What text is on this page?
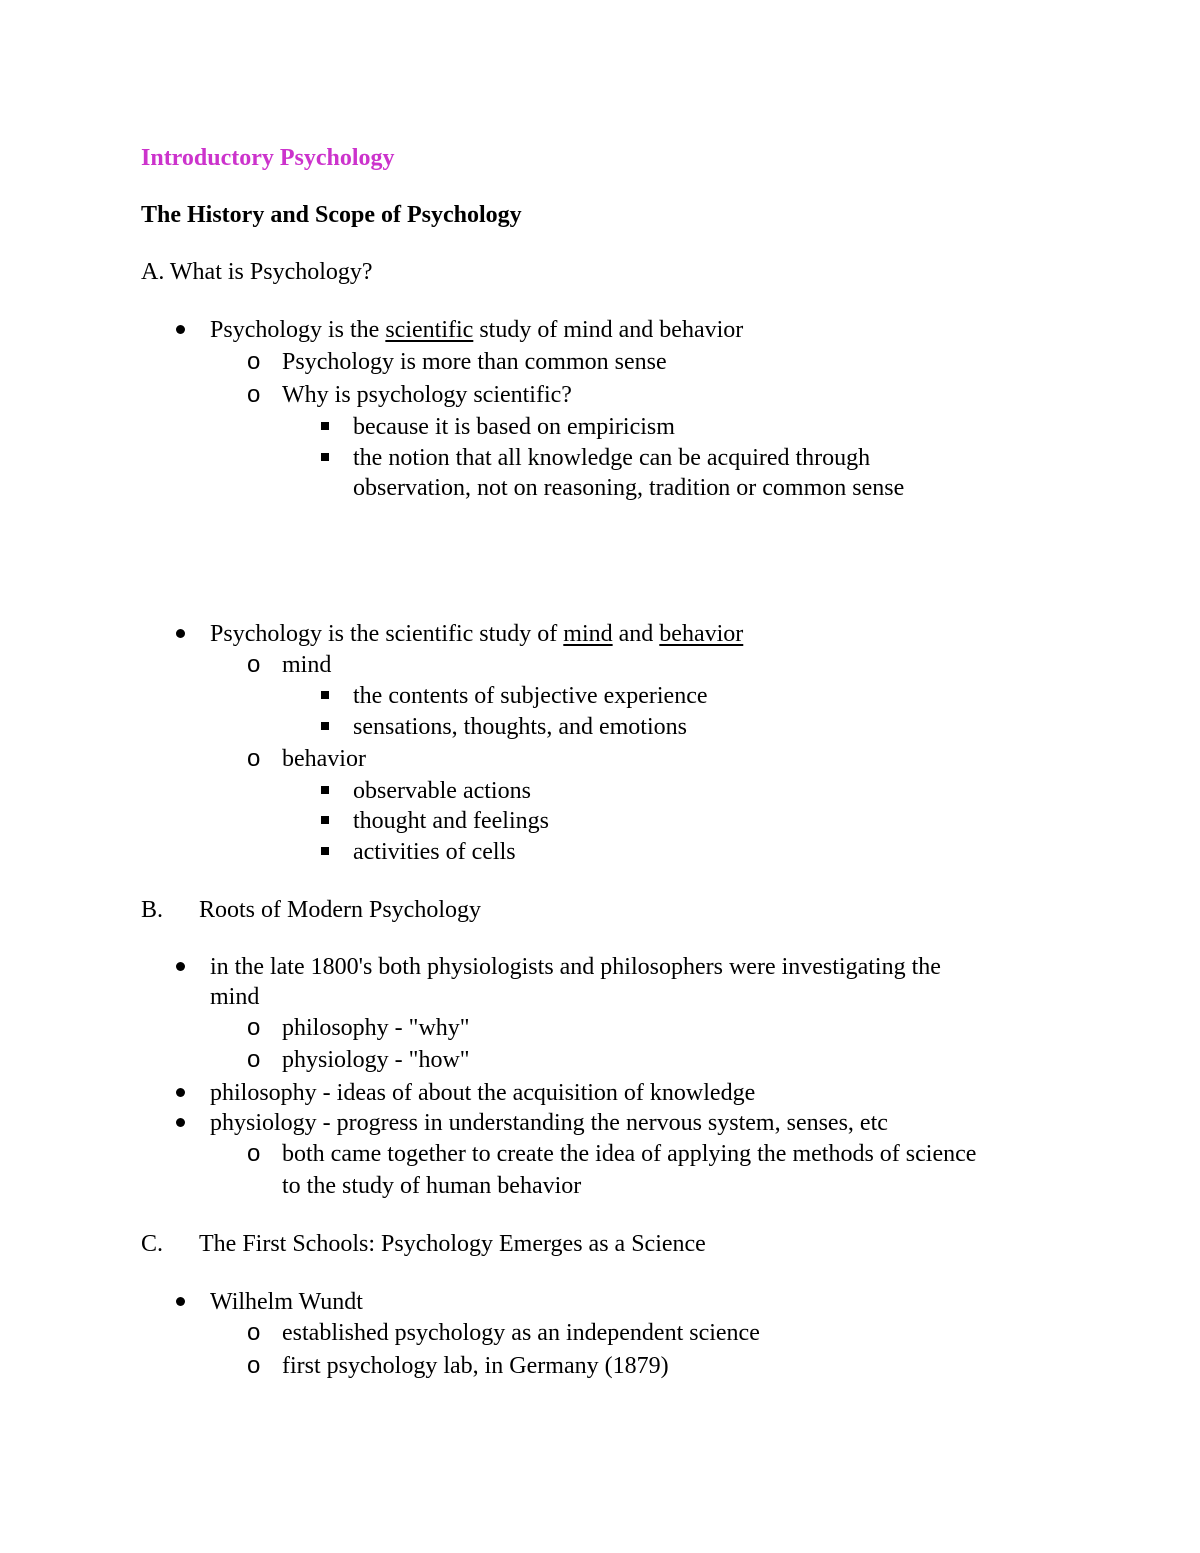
Introductory Psychology
The History and Scope of Psychology
A. What is Psychology?
Psychology is the scientific study of mind and behavior
o Psychology is more than common sense
o Why is psychology scientific?
because it is based on empiricism
the notion that all knowledge can be acquired through
observation, not on reasoning, tradition or common sense
Psychology is the scientific study of mind and behavior
o mind
the contents of subjective experience
sensations, thoughts, and emotions
o behavior
observable actions
thought and feelings
activities of cells
B. Roots of Modern Psychology
in the late 1800's both physiologists and philosophers were investigating the
mind
o philosophy - "why"
o physiology - "how"
philosophy - ideas of about the acquisition of knowledge
physiology - progress in understanding the nervous system, senses, etc
o both came together to create the idea of applying the methods of science
to the study of human behavior
C. The First Schools: Psychology Emerges as a Science
Wilhelm Wundt
o established psychology as an independent science
o first psychology lab, in Germany (1879)
